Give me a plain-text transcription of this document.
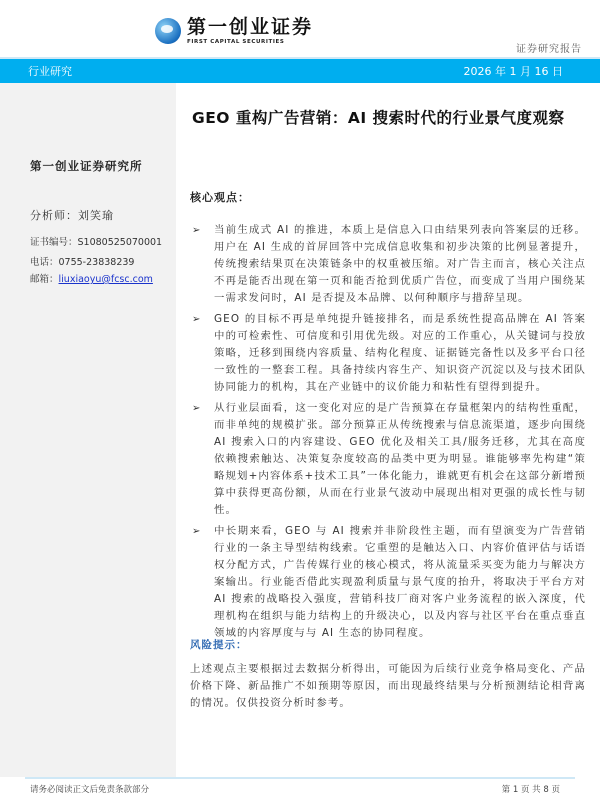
第一创业证券
FIRST CAPITAL SECURITIES
证券研究报告
行业研究	2026 年 1 月 16 日
第一创业证券研究所
分析师：刘笑瑜
证书编号：S1080525070001
电话：0755-23838239
邮箱：liuxiaoyu@fcsc.com
GEO 重构广告营销：AI 搜索时代的行业景气度观察
核心观点：
➢	当前生成式 AI 的推进，本质上是信息入口由结果列表向答案层的迁移。用户在 AI 生成的首屏回答中完成信息收集和初步决策的比例显著提升，传统搜索结果页在决策链条中的权重被压缩。对广告主而言，核心关注点不再是能否出现在第一页和能否抢到优质广告位，而变成了当用户围绕某一需求发问时，AI 是否提及本品牌、以何种顺序与措辞呈现。
➢	GEO 的目标不再是单纯提升链接排名，而是系统性提高品牌在 AI 答案中的可检索性、可信度和引用优先级。对应的工作重心，从关键词与投放策略，迁移到围绕内容质量、结构化程度、证据链完备性以及多平台口径一致性的一整套工程。具备持续内容生产、知识资产沉淀以及与技术团队协同能力的机构，其在产业链中的议价能力和粘性有望得到提升。
➢	从行业层面看，这一变化对应的是广告预算在存量框架内的结构性重配，而非单纯的规模扩张。部分预算正从传统搜索与信息流渠道，逐步向围绕 AI 搜索入口的内容建设、GEO 优化及相关工具/服务迁移，尤其在高度依赖搜索触达、决策复杂度较高的品类中更为明显。谁能够率先构建“策略规划+内容体系+技术工具”一体化能力，谁就更有机会在这部分新增预算中获得更高份额，从而在行业景气波动中展现出相对更强的成长性与韧性。
➢	中长期来看，GEO 与 AI 搜索并非阶段性主题，而有望演变为广告营销行业的一条主导型结构线索。它重塑的是触达入口、内容价值评估与话语权分配方式，广告传媒行业的核心模式，将从流量采买变为能力与解决方案输出。行业能否借此实现盈利质量与景气度的抬升，将取决于平台方对 AI 搜索的战略投入强度，营销科技厂商对客户业务流程的嵌入深度，代理机构在组织与能力结构上的升级决心，以及内容与社区平台在重点垂直领域的内容厚度与与 AI 生态的协同程度。
风险提示：
上述观点主要根据过去数据分析得出，可能因为后续行业竞争格局变化、产品价格下降、新品推广不如预期等原因，而出现最终结果与分析预测结论相背离的情况。仅供投资分析时参考。
请务必阅读正文后免责条款部分	第 1 页 共 8 页
